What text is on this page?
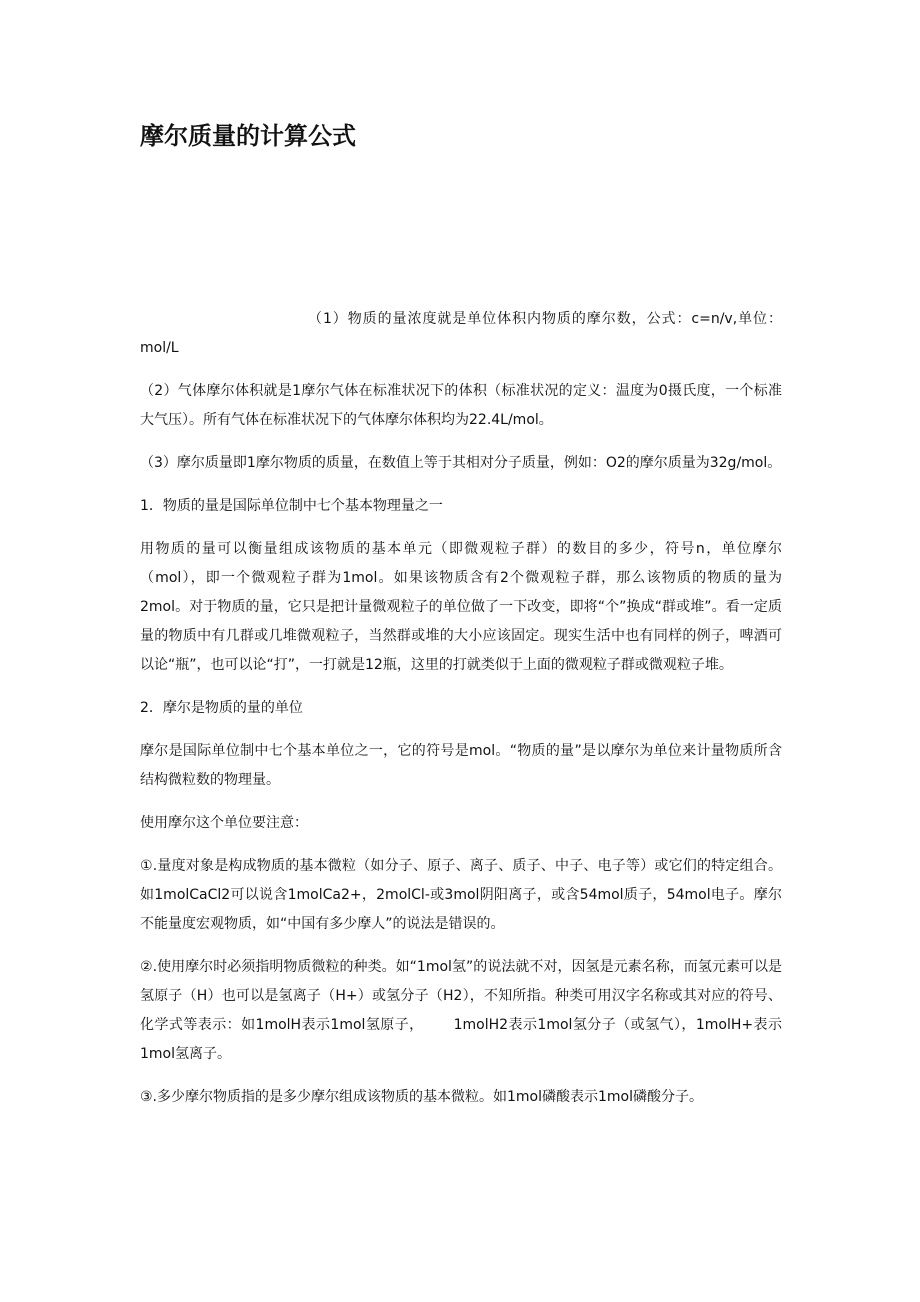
摩尔质量的计算公式

（1）物质的量浓度就是单位体积内物质的摩尔数，公式：c=n/v,单位：mol/L

（2）气体摩尔体积就是1摩尔气体在标准状况下的体积（标准状况的定义：温度为0摄氏度，一个标准大气压）。所有气体在标准状况下的气体摩尔体积均为22.4L/mol。

（3）摩尔质量即1摩尔物质的质量，在数值上等于其相对分子质量，例如：O2的摩尔质量为32g/mol。

1．物质的量是国际单位制中七个基本物理量之一

用物质的量可以衡量组成该物质的基本单元（即微观粒子群）的数目的多少，符号n，单位摩尔（mol），即一个微观粒子群为1mol。如果该物质含有2个微观粒子群，那么该物质的物质的量为2mol。对于物质的量，它只是把计量微观粒子的单位做了一下改变，即将“个”换成“群或堆”。看一定质量的物质中有几群或几堆微观粒子，当然群或堆的大小应该固定。现实生活中也有同样的例子，啤酒可以论“瓶”，也可以论“打”，一打就是12瓶，这里的打就类似于上面的微观粒子群或微观粒子堆。

2．摩尔是物质的量的单位

摩尔是国际单位制中七个基本单位之一，它的符号是mol。“物质的量”是以摩尔为单位来计量物质所含结构微粒数的物理量。

使用摩尔这个单位要注意：

①.量度对象是构成物质的基本微粒（如分子、原子、离子、质子、中子、电子等）或它们的特定组合。如1molCaCl2可以说含1molCa2+，2molCl-或3mol阴阳离子，或含54mol质子，54mol电子。摩尔不能量度宏观物质，如“中国有多少摩人”的说法是错误的。

②.使用摩尔时必须指明物质微粒的种类。如“1mol氢”的说法就不对，因氢是元素名称，而氢元素可以是氢原子（H）也可以是氢离子（H+）或氢分子（H2），不知所指。种类可用汉字名称或其对应的符号、化学式等表示：如1molH表示1mol氢原子， 1molH2表示1mol氢分子（或氢气），1molH+表示1mol氢离子。

③.多少摩尔物质指的是多少摩尔组成该物质的基本微粒。如1mol磷酸表示1mol磷酸分子。
